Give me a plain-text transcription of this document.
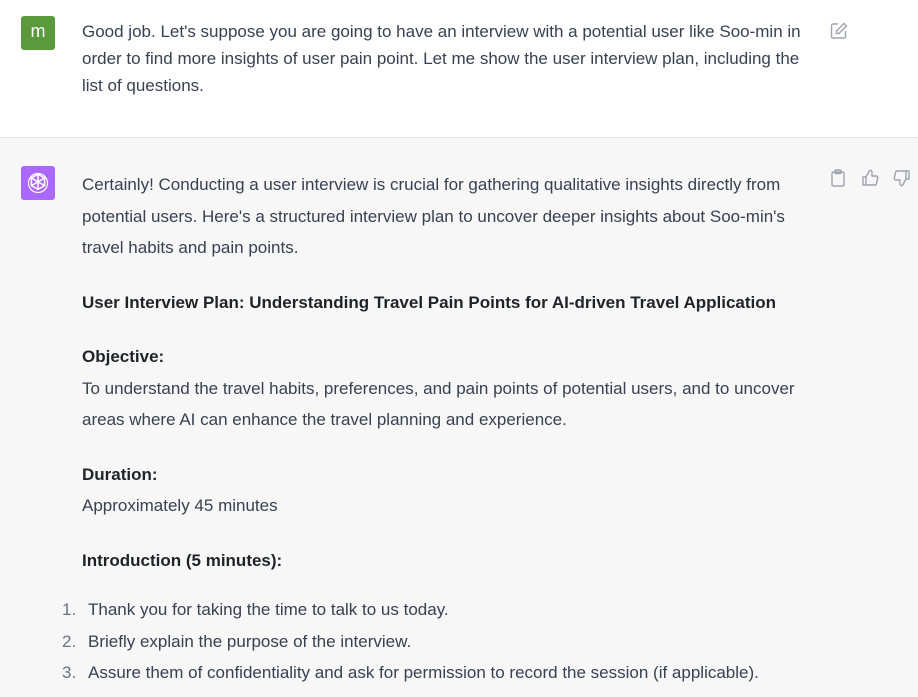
m	Good job. Let's suppose you are going to have an interview with a potential user like Soo-min in order to find more insights of user pain point. Let me show the user interview plan, including the list of questions.

Certainly! Conducting a user interview is crucial for gathering qualitative insights directly from potential users. Here's a structured interview plan to uncover deeper insights about Soo-min's travel habits and pain points.

User Interview Plan: Understanding Travel Pain Points for AI-driven Travel Application

Objective:

To understand the travel habits, preferences, and pain points of potential users, and to uncover areas where AI can enhance the travel planning and experience.

Duration:

Approximately 45 minutes

Introduction (5 minutes):

1. Thank you for taking the time to talk to us today.
2. Briefly explain the purpose of the interview.
3. Assure them of confidentiality and ask for permission to record the session (if applicable).
